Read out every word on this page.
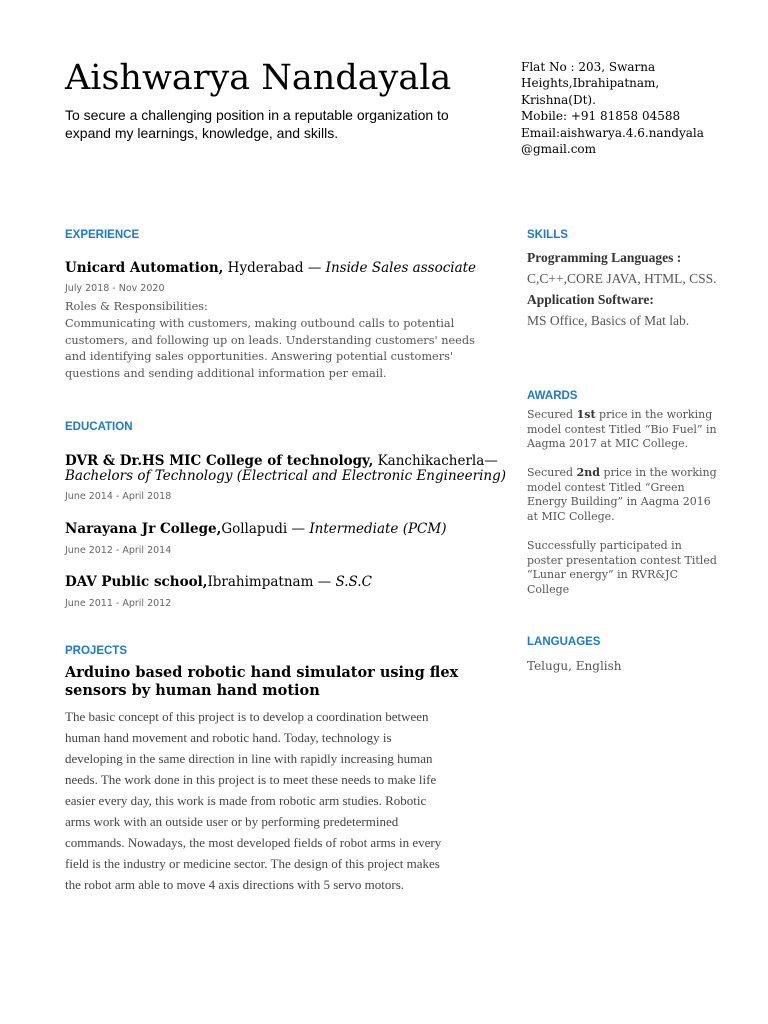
Aishwarya Nandayala
To secure a challenging position in a reputable organization to expand my learnings, knowledge, and skills.
Flat No : 203, Swarna
Heights,Ibrahipatnam,
Krishna(Dt).
Mobile: +91 81858 04588
Email:aishwarya.4.6.nandyala
@gmail.com
EXPERIENCE
Unicard Automation, Hyderabad — Inside Sales associate
July 2018 - Nov 2020
Roles & Responsibilities:
Communicating with customers, making outbound calls to potential customers, and following up on leads. Understanding customers' needs and identifying sales opportunities. Answering potential customers' questions and sending additional information per email.
EDUCATION
DVR & Dr.HS MIC College of technology, Kanchikacherla—
Bachelors of Technology (Electrical and Electronic Engineering)
June 2014 - April 2018
Narayana Jr College,Gollapudi — Intermediate (PCM)
June 2012 - April 2014
DAV Public school,Ibrahimpatnam — S.S.C
June 2011 - April 2012
PROJECTS
Arduino based robotic hand simulator using flex sensors by human hand motion
The basic concept of this project is to develop a coordination between
human hand movement and robotic hand. Today, technology is
developing in the same direction in line with rapidly increasing human
needs. The work done in this project is to meet these needs to make life
easier every day, this work is made from robotic arm studies. Robotic
arms work with an outside user or by performing predetermined
commands. Nowadays, the most developed fields of robot arms in every
field is the industry or medicine sector. The design of this project makes
the robot arm able to move 4 axis directions with 5 servo motors.
SKILLS
Programming Languages :
C,C++,CORE JAVA, HTML, CSS.
Application Software:
MS Office, Basics of Mat lab.
AWARDS
Secured 1st price in the working model contest Titled “Bio Fuel” in Aagma 2017 at MIC College.
Secured 2nd price in the working model contest Titled “Green Energy Building” in Aagma 2016 at MIC College.
Successfully participated in poster presentation contest Titled “Lunar energy” in RVR&JC College
LANGUAGES
Telugu, English
